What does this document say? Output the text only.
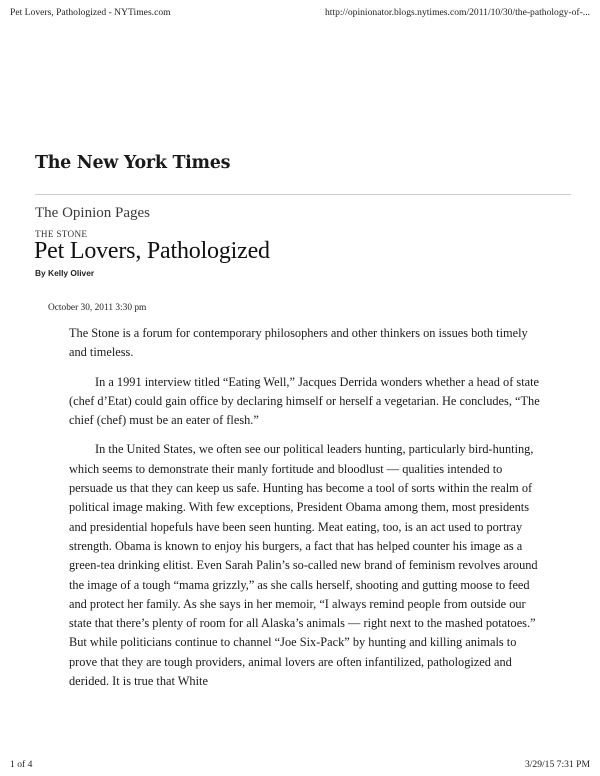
Pet Lovers, Pathologized - NYTimes.com	http://opinionator.blogs.nytimes.com/2011/10/30/the-pathology-of-...
The New York Times
The Opinion Pages
THE STONE
Pet Lovers, Pathologized
By Kelly Oliver
October 30, 2011 3:30 pm

The Stone is a forum for contemporary philosophers and other thinkers on issues both timely and timeless.

In a 1991 interview titled “Eating Well,” Jacques Derrida wonders whether a head of state (chef d’Etat) could gain office by declaring himself or herself a vegetarian. He concludes, “The chief (chef) must be an eater of flesh.”

In the United States, we often see our political leaders hunting, particularly bird-hunting, which seems to demonstrate their manly fortitude and bloodlust — qualities intended to persuade us that they can keep us safe. Hunting has become a tool of sorts within the realm of political image making. With few exceptions, President Obama among them, most presidents and presidential hopefuls have been seen hunting. Meat eating, too, is an act used to portray strength. Obama is known to enjoy his burgers, a fact that has helped counter his image as a green-tea drinking elitist. Even Sarah Palin’s so-called new brand of feminism revolves around the image of a tough “mama grizzly,” as she calls herself, shooting and gutting moose to feed and protect her family. As she says in her memoir, “I always remind people from outside our state that there’s plenty of room for all Alaska’s animals — right next to the mashed potatoes.” But while politicians continue to channel “Joe Six-Pack” by hunting and killing animals to prove that they are tough providers, animal lovers are often infantilized, pathologized and derided. It is true that White

1 of 4	3/29/15 7:31 PM
